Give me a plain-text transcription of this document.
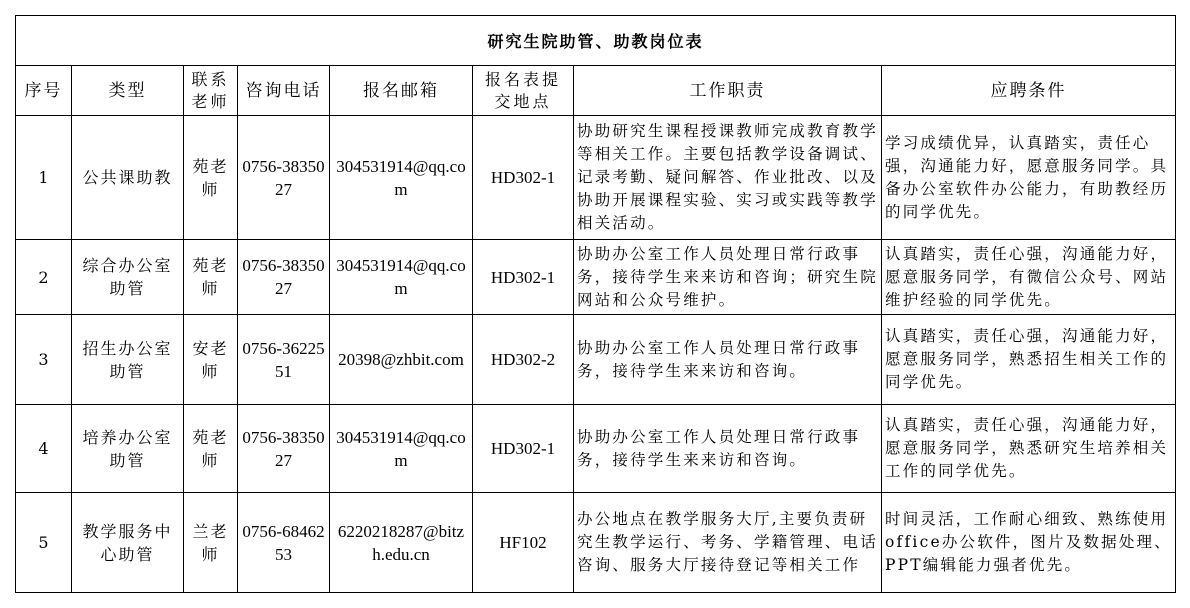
研究生院助管、助教岗位表							
序号	类型	联系老师	咨询电话	报名邮箱	报名表提交地点	工作职责	应聘条件
1	公共课助教	苑老师	0756-3835027	304531914@qq.com	HD302-1	协助研究生课程授课教师完成教育教学等相关工作。主要包括教学设备调试、记录考勤、疑问解答、作业批改、以及协助开展课程实验、实习或实践等教学相关活动。	学习成绩优异，认真踏实，责任心强，沟通能力好，愿意服务同学。具备办公室软件办公能力，有助教经历的同学优先。
2	综合办公室助管	苑老师	0756-3835027	304531914@qq.com	HD302-1	协助办公室工作人员处理日常行政事务，接待学生来来访和咨询；研究生院网站和公众号维护。	认真踏实，责任心强，沟通能力好，愿意服务同学，有微信公众号、网站维护经验的同学优先。
3	招生办公室助管	安老师	0756-3622551	20398@zhbit.com	HD302-2	协助办公室工作人员处理日常行政事务，接待学生来来访和咨询。	认真踏实，责任心强，沟通能力好，愿意服务同学，熟悉招生相关工作的同学优先。
4	培养办公室助管	苑老师	0756-3835027	304531914@qq.com	HD302-1	协助办公室工作人员处理日常行政事务，接待学生来来访和咨询。	认真踏实，责任心强，沟通能力好，愿意服务同学，熟悉研究生培养相关工作的同学优先。
5	教学服务中心助管	兰老师	0756-6846253	6220218287@bitzh.edu.cn	HF102	办公地点在教学服务大厅,主要负责研究生教学运行、考务、学籍管理、电话咨询、服务大厅接待登记等相关工作	时间灵活，工作耐心细致、熟练使用office办公软件，图片及数据处理、PPT编辑能力强者优先。
